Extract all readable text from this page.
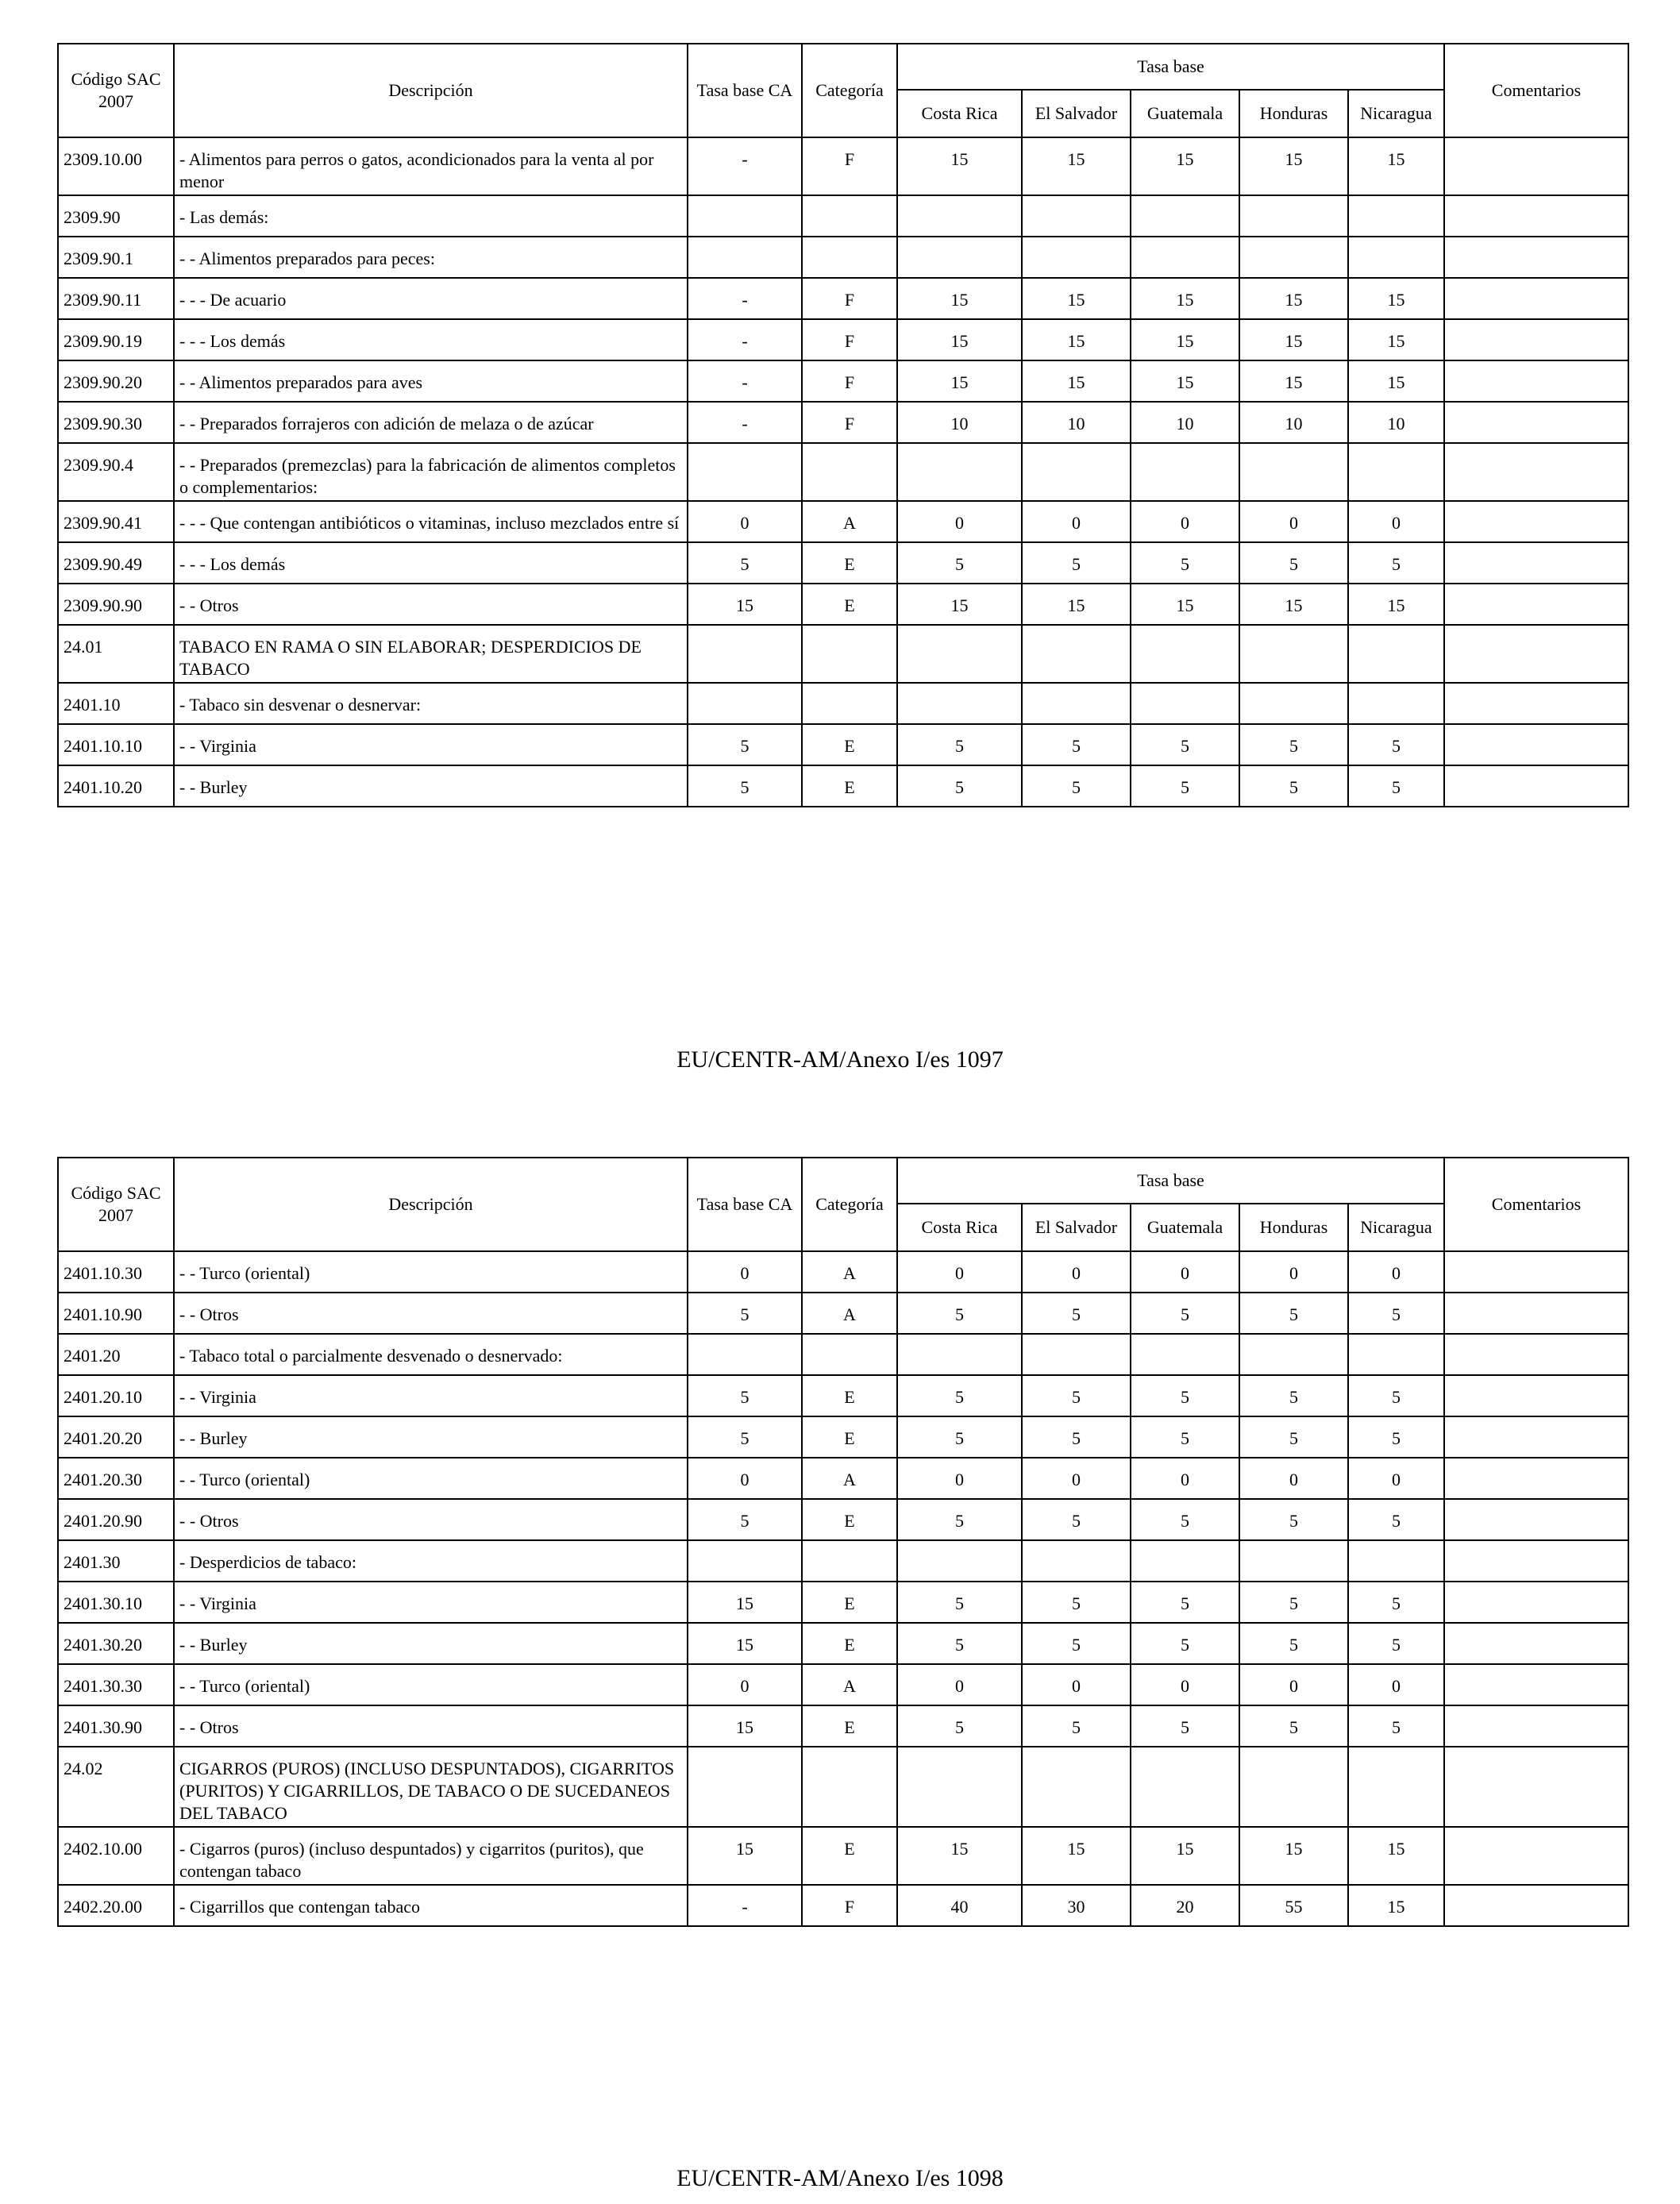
Código SAC 2007	Descripción	Tasa base CA	Categoría	Tasa base					Comentarios
				Costa Rica	El Salvador	Guatemala	Honduras	Nicaragua	
2309.10.00	- Alimentos para perros o gatos, acondicionados para la venta al por menor	-	F	15	15	15	15	15	
2309.90	- Las demás:								
2309.90.1	- - Alimentos preparados para peces:								
2309.90.11	- - - De acuario	-	F	15	15	15	15	15	
2309.90.19	- - - Los demás	-	F	15	15	15	15	15	
2309.90.20	- - Alimentos preparados para aves	-	F	15	15	15	15	15	
2309.90.30	- - Preparados forrajeros con adición de melaza o de azúcar	-	F	10	10	10	10	10	
2309.90.4	- - Preparados (premezclas) para la fabricación de alimentos completos o complementarios:								
2309.90.41	- - - Que contengan antibióticos o vitaminas, incluso mezclados entre sí	0	A	0	0	0	0	0	
2309.90.49	- - - Los demás	5	E	5	5	5	5	5	
2309.90.90	- - Otros	15	E	15	15	15	15	15	
24.01	TABACO EN RAMA O SIN ELABORAR; DESPERDICIOS DE TABACO								
2401.10	- Tabaco sin desvenar o desnervar:								
2401.10.10	- - Virginia	5	E	5	5	5	5	5	
2401.10.20	- - Burley	5	E	5	5	5	5	5	
EU/CENTR-AM/Anexo I/es 1097
Código SAC 2007	Descripción	Tasa base CA	Categoría	Tasa base					Comentarios
				Costa Rica	El Salvador	Guatemala	Honduras	Nicaragua	
2401.10.30	- - Turco (oriental)	0	A	0	0	0	0	0	
2401.10.90	- - Otros	5	A	5	5	5	5	5	
2401.20	- Tabaco total o parcialmente desvenado o desnervado:								
2401.20.10	- - Virginia	5	E	5	5	5	5	5	
2401.20.20	- - Burley	5	E	5	5	5	5	5	
2401.20.30	- - Turco (oriental)	0	A	0	0	0	0	0	
2401.20.90	- - Otros	5	E	5	5	5	5	5	
2401.30	- Desperdicios de tabaco:								
2401.30.10	- - Virginia	15	E	5	5	5	5	5	
2401.30.20	- - Burley	15	E	5	5	5	5	5	
2401.30.30	- - Turco (oriental)	0	A	0	0	0	0	0	
2401.30.90	- - Otros	15	E	5	5	5	5	5	
24.02	CIGARROS (PUROS) (INCLUSO DESPUNTADOS), CIGARRITOS (PURITOS) Y CIGARRILLOS, DE TABACO O DE SUCEDANEOS DEL TABACO								
2402.10.00	- Cigarros (puros) (incluso despuntados) y cigarritos (puritos), que contengan tabaco	15	E	15	15	15	15	15	
2402.20.00	- Cigarrillos que contengan tabaco	-	F	40	30	20	55	15	
EU/CENTR-AM/Anexo I/es 1098
